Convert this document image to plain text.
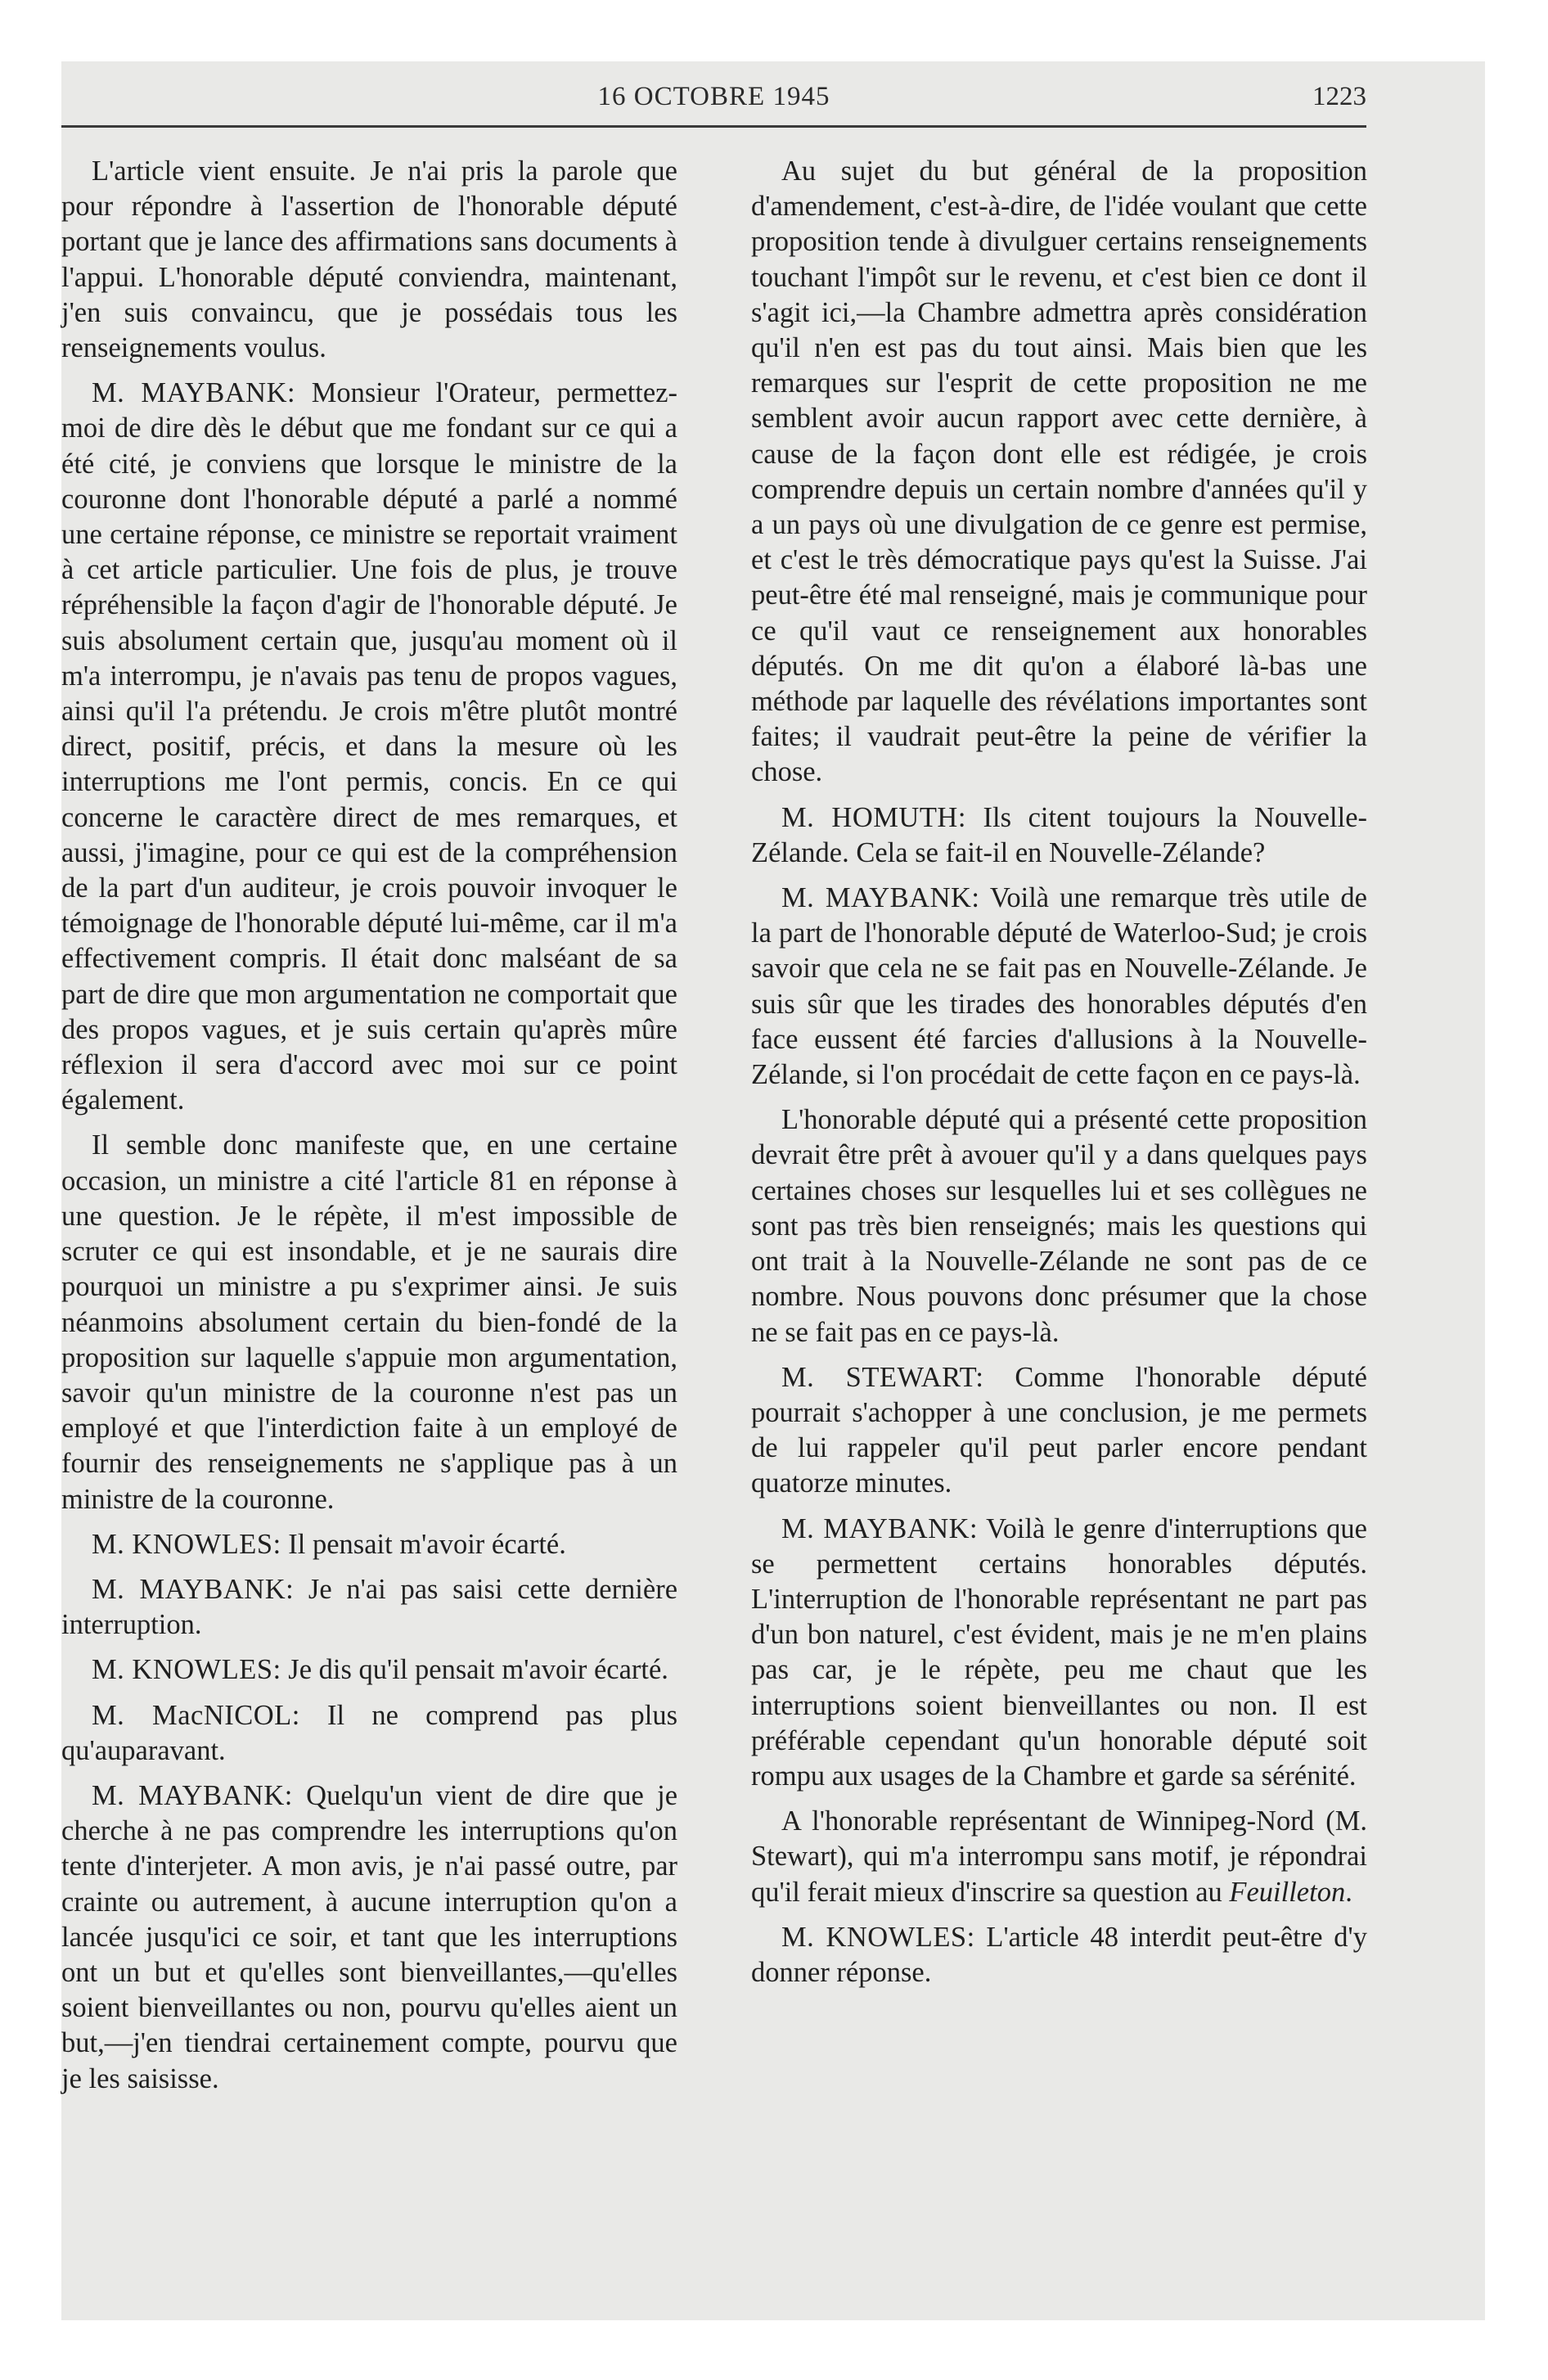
16 OCTOBRE 1945	1223

L'article vient ensuite. Je n'ai pris la parole que pour répondre à l'assertion de l'honorable député portant que je lance des affirmations sans documents à l'appui. L'honorable député conviendra, maintenant, j'en suis convaincu, que je possédais tous les renseignements voulus.

M. MAYBANK: Monsieur l'Orateur, permettez-moi de dire dès le début que me fondant sur ce qui a été cité, je conviens que lorsque le ministre de la couronne dont l'honorable député a parlé a nommé une certaine réponse, ce ministre se reportait vraiment à cet article particulier. Une fois de plus, je trouve répréhensible la façon d'agir de l'honorable député. Je suis absolument certain que, jusqu'au moment où il m'a interrompu, je n'avais pas tenu de propos vagues, ainsi qu'il l'a prétendu. Je crois m'être plutôt montré direct, positif, précis, et dans la mesure où les interruptions me l'ont permis, concis. En ce qui concerne le caractère direct de mes remarques, et aussi, j'imagine, pour ce qui est de la compréhension de la part d'un auditeur, je crois pouvoir invoquer le témoignage de l'honorable député lui-même, car il m'a effectivement compris. Il était donc malséant de sa part de dire que mon argumentation ne comportait que des propos vagues, et je suis certain qu'après mûre réflexion il sera d'accord avec moi sur ce point également.

Il semble donc manifeste que, en une certaine occasion, un ministre a cité l'article 81 en réponse à une question. Je le répète, il m'est impossible de scruter ce qui est insondable, et je ne saurais dire pourquoi un ministre a pu s'exprimer ainsi. Je suis néanmoins absolument certain du bien-fondé de la proposition sur laquelle s'appuie mon argumentation, savoir qu'un ministre de la couronne n'est pas un employé et que l'interdiction faite à un employé de fournir des renseignements ne s'applique pas à un ministre de la couronne.

M. KNOWLES: Il pensait m'avoir écarté.

M. MAYBANK: Je n'ai pas saisi cette dernière interruption.

M. KNOWLES: Je dis qu'il pensait m'avoir écarté.

M. MacNICOL: Il ne comprend pas plus qu'auparavant.

M. MAYBANK: Quelqu'un vient de dire que je cherche à ne pas comprendre les interruptions qu'on tente d'interjeter. A mon avis, je n'ai passé outre, par crainte ou autrement, à aucune interruption qu'on a lancée jusqu'ici ce soir, et tant que les interruptions ont un but et qu'elles sont bienveillantes,—qu'elles soient bienveillantes ou non, pourvu qu'elles aient un but,—j'en tiendrai certainement compte, pourvu que je les saisisse.

Au sujet du but général de la proposition d'amendement, c'est-à-dire, de l'idée voulant que cette proposition tende à divulguer certains renseignements touchant l'impôt sur le revenu, et c'est bien ce dont il s'agit ici,—la Chambre admettra après considération qu'il n'en est pas du tout ainsi. Mais bien que les remarques sur l'esprit de cette proposition ne me semblent avoir aucun rapport avec cette dernière, à cause de la façon dont elle est rédigée, je crois comprendre depuis un certain nombre d'années qu'il y a un pays où une divulgation de ce genre est permise, et c'est le très démocratique pays qu'est la Suisse. J'ai peut-être été mal renseigné, mais je communique pour ce qu'il vaut ce renseignement aux honorables députés. On me dit qu'on a élaboré là-bas une méthode par laquelle des révélations importantes sont faites; il vaudrait peut-être la peine de vérifier la chose.

M. HOMUTH: Ils citent toujours la Nouvelle-Zélande. Cela se fait-il en Nouvelle-Zélande?

M. MAYBANK: Voilà une remarque très utile de la part de l'honorable député de Waterloo-Sud; je crois savoir que cela ne se fait pas en Nouvelle-Zélande. Je suis sûr que les tirades des honorables députés d'en face eussent été farcies d'allusions à la Nouvelle-Zélande, si l'on procédait de cette façon en ce pays-là.

L'honorable député qui a présenté cette proposition devrait être prêt à avouer qu'il y a dans quelques pays certaines choses sur lesquelles lui et ses collègues ne sont pas très bien renseignés; mais les questions qui ont trait à la Nouvelle-Zélande ne sont pas de ce nombre. Nous pouvons donc présumer que la chose ne se fait pas en ce pays-là.

M. STEWART: Comme l'honorable député pourrait s'achopper à une conclusion, je me permets de lui rappeler qu'il peut parler encore pendant quatorze minutes.

M. MAYBANK: Voilà le genre d'interruptions que se permettent certains honorables députés. L'interruption de l'honorable représentant ne part pas d'un bon naturel, c'est évident, mais je ne m'en plains pas car, je le répète, peu me chaut que les interruptions soient bienveillantes ou non. Il est préférable cependant qu'un honorable député soit rompu aux usages de la Chambre et garde sa sérénité.

A l'honorable représentant de Winnipeg-Nord (M. Stewart), qui m'a interrompu sans motif, je répondrai qu'il ferait mieux d'inscrire sa question au Feuilleton.

M. KNOWLES: L'article 48 interdit peut-être d'y donner réponse.
